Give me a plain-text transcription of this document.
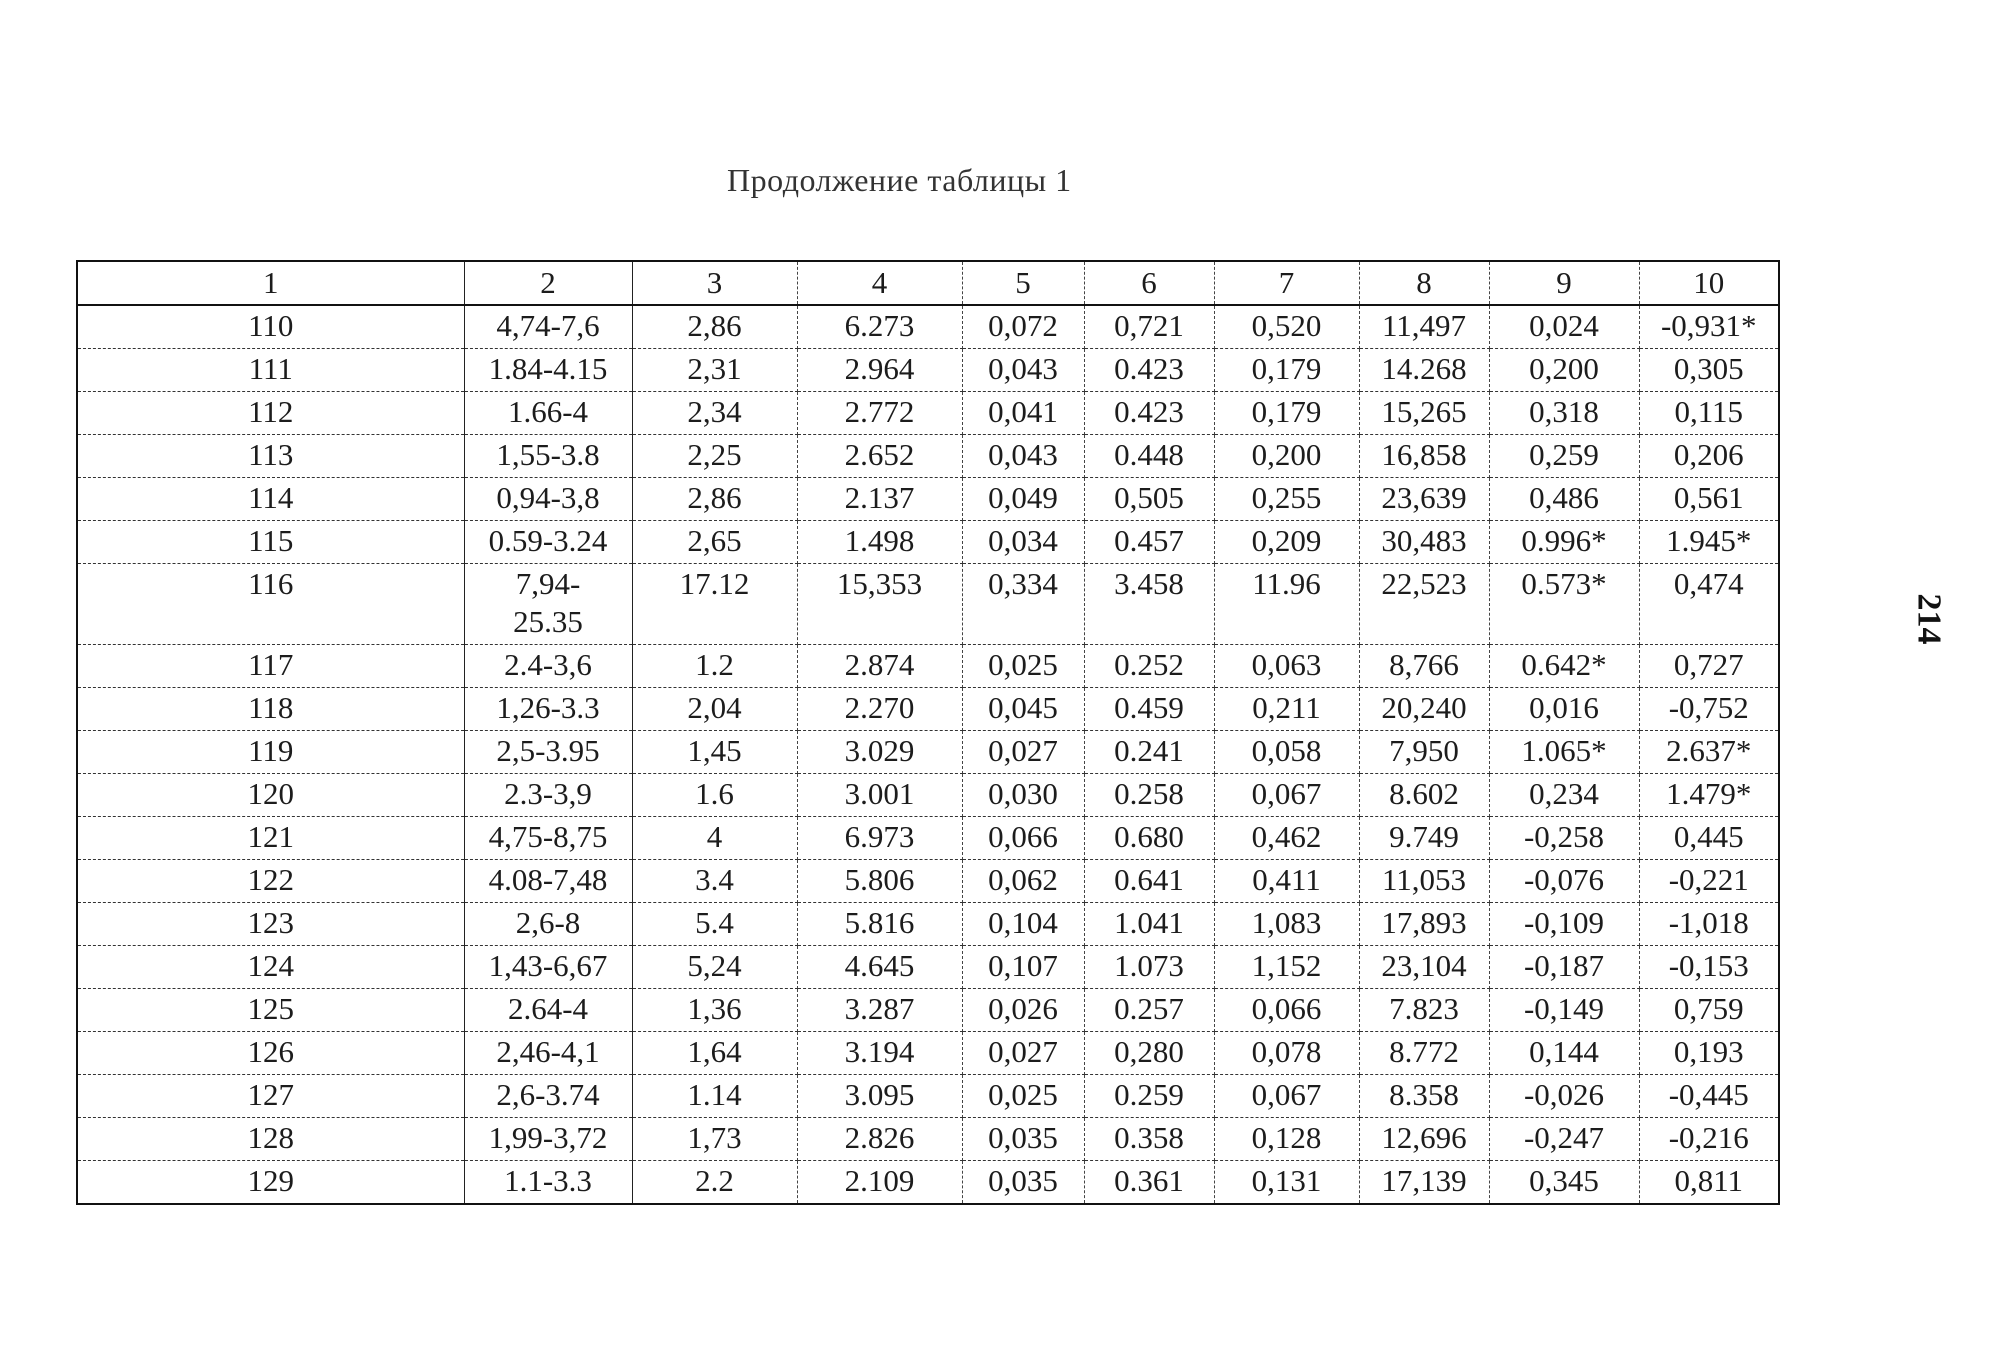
Продолжение таблицы 1
214
1	2	3	4	5	6	7	8	9	10
110	4,74-7,6	2,86	6.273	0,072	0,721	0,520	11,497	0,024	-0,931*
111	1.84-4.15	2,31	2.964	0,043	0.423	0,179	14.268	0,200	0,305
112	1.66-4	2,34	2.772	0,041	0.423	0,179	15,265	0,318	0,115
113	1,55-3.8	2,25	2.652	0,043	0.448	0,200	16,858	0,259	0,206
114	0,94-3,8	2,86	2.137	0,049	0,505	0,255	23,639	0,486	0,561
115	0.59-3.24	2,65	1.498	0,034	0.457	0,209	30,483	0.996*	1.945*
116	7,94-25.35	17.12	15,353	0,334	3.458	11.96	22,523	0.573*	0,474
117	2.4-3,6	1.2	2.874	0,025	0.252	0,063	8,766	0.642*	0,727
118	1,26-3.3	2,04	2.270	0,045	0.459	0,211	20,240	0,016	-0,752
119	2,5-3.95	1,45	3.029	0,027	0.241	0,058	7,950	1.065*	2.637*
120	2.3-3,9	1.6	3.001	0,030	0.258	0,067	8.602	0,234	1.479*
121	4,75-8,75	4	6.973	0,066	0.680	0,462	9.749	-0,258	0,445
122	4.08-7,48	3.4	5.806	0,062	0.641	0,411	11,053	-0,076	-0,221
123	2,6-8	5.4	5.816	0,104	1.041	1,083	17,893	-0,109	-1,018
124	1,43-6,67	5,24	4.645	0,107	1.073	1,152	23,104	-0,187	-0,153
125	2.64-4	1,36	3.287	0,026	0.257	0,066	7.823	-0,149	0,759
126	2,46-4,1	1,64	3.194	0,027	0,280	0,078	8.772	0,144	0,193
127	2,6-3.74	1.14	3.095	0,025	0.259	0,067	8.358	-0,026	-0,445
128	1,99-3,72	1,73	2.826	0,035	0.358	0,128	12,696	-0,247	-0,216
129	1.1-3.3	2.2	2.109	0,035	0.361	0,131	17,139	0,345	0,811
